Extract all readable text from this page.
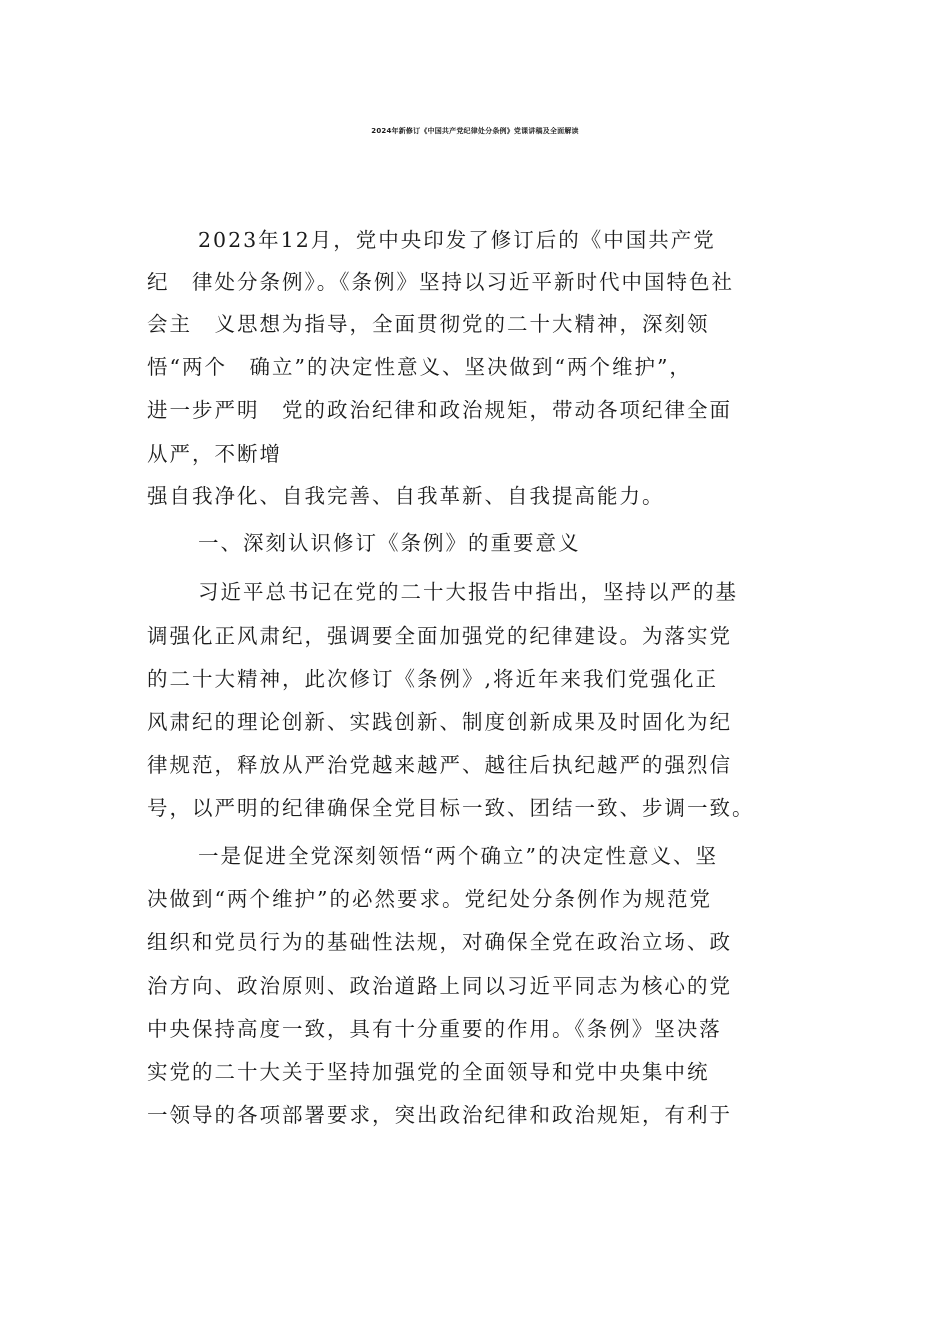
2024年新修订《中国共产党纪律处分条例》党课讲稿及全面解读

2023年12月，党中央印发了修订后的《中国共产党

纪　律处分条例》。《条例》坚持以习近平新时代中国特色社

会主　义思想为指导，全面贯彻党的二十大精神，深刻领

悟“两个　确立”的决定性意义、坚决做到“两个维护”，

进一步严明　党的政治纪律和政治规矩，带动各项纪律全面

从严，不断增

强自我净化、自我完善、自我革新、自我提高能力。

一、深刻认识修订《条例》的重要意义

习近平总书记在党的二十大报告中指出，坚持以严的基

调强化正风肃纪，强调要全面加强党的纪律建设。为落实党

的二十大精神，此次修订《条例》,将近年来我们党强化正

风肃纪的理论创新、实践创新、制度创新成果及时固化为纪

律规范，释放从严治党越来越严、越往后执纪越严的强烈信

号，以严明的纪律确保全党目标一致、团结一致、步调一致。

一是促进全党深刻领悟“两个确立”的决定性意义、坚

决做到“两个维护”的必然要求。党纪处分条例作为规范党

组织和党员行为的基础性法规，对确保全党在政治立场、政

治方向、政治原则、政治道路上同以习近平同志为核心的党

中央保持高度一致，具有十分重要的作用。《条例》坚决落

实党的二十大关于坚持加强党的全面领导和党中央集中统

一领导的各项部署要求，突出政治纪律和政治规矩，有利于
